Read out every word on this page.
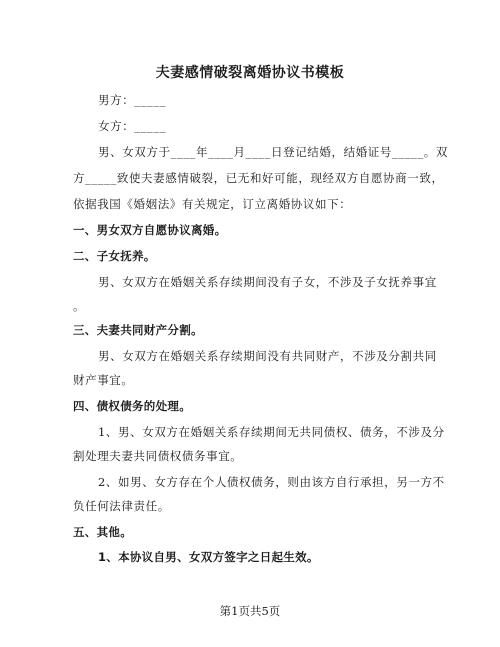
夫妻感情破裂离婚协议书模板
男方：_____
女方：_____
男、女双方于____年____月____日登记结婚，结婚证号_____。双
方_____致使夫妻感情破裂，已无和好可能，现经双方自愿协商一致，
依据我国《婚姻法》有关规定，订立离婚协议如下：
一、男女双方自愿协议离婚。
二、子女抚养。
男、女双方在婚姻关系存续期间没有子女，不涉及子女抚养事宜
。
三、夫妻共同财产分割。
男、女双方在婚姻关系存续期间没有共同财产，不涉及分割共同
财产事宜。
四、债权债务的处理。
1、男、女双方在婚姻关系存续期间无共同债权、债务，不涉及分
割处理夫妻共同债权债务事宜。
2、如男、女方存在个人债权债务，则由该方自行承担，另一方不
负任何法律责任。
五、其他。
1、本协议自男、女双方签字之日起生效。
第1页共5页
